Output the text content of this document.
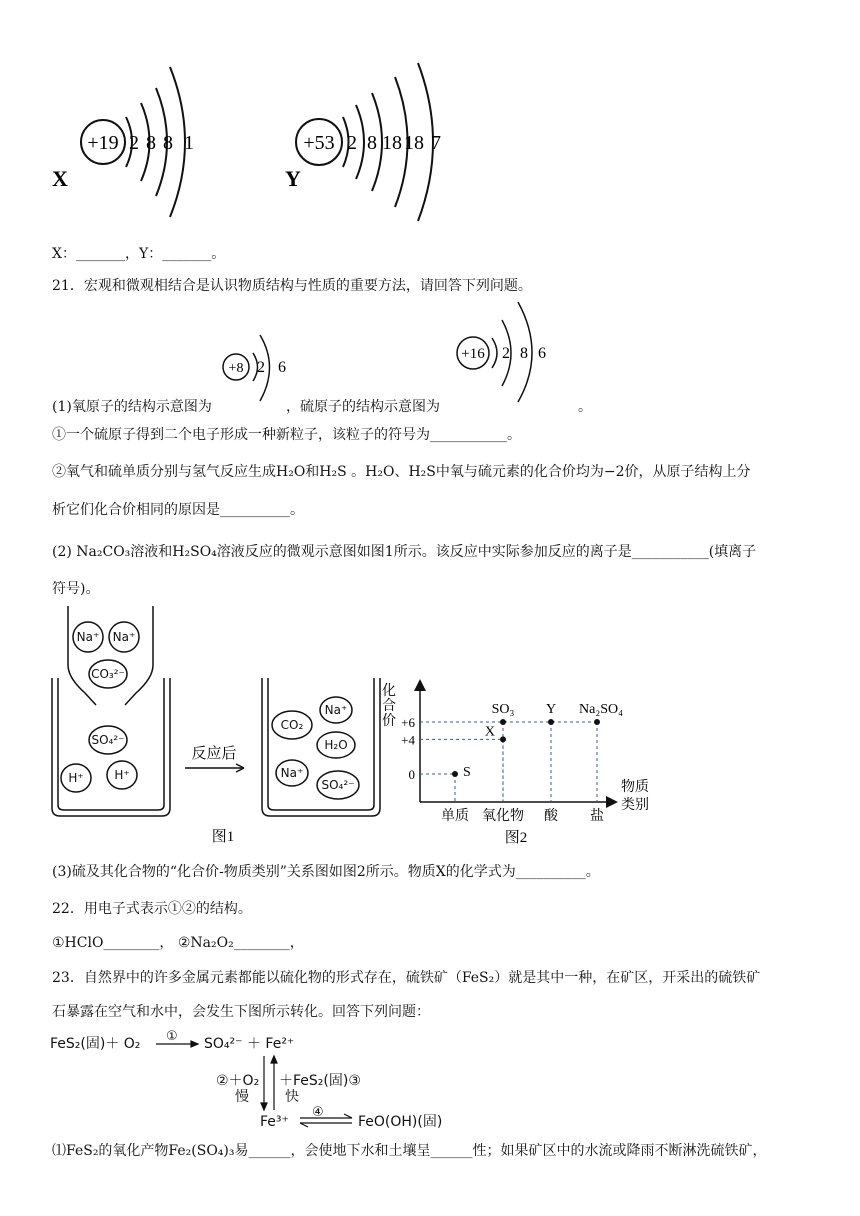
+19 2 8 8 1
X
+53 2 8 18 18 7
Y
X：_______，Y：_______。
21．宏观和微观相结合是认识物质结构与性质的重要方法，请回答下列问题。
+8 2 6
+16 2 8 6
(1)氧原子的结构示意图为	，硫原子的结构示意图为	。
①一个硫原子得到二个电子形成一种新粒子，该粒子的符号为___________。
②氧气和硫单质分别与氢气反应生成H₂O和H₂S 。H₂O、H₂S中氧与硫元素的化合价均为−2价，从原子结构上分
析它们化合价相同的原因是__________。
(2) Na₂CO₃溶液和H₂SO₄溶液反应的微观示意图如图1所示。该反应中实际参加反应的离子是___________(填离子
符号)。
Na⁺ Na⁺
CO₃²⁻
SO₄²⁻
H⁺	H⁺
CO₂
Na⁺
H₂O
Na⁺
SO₄²⁻
反应后
图1
化
合
价
物质
类别
+6
+4
0
单质 氧化物 酸 盐
S
X
SO₃ Y Na₂SO₄
图2
(3)硫及其化合物的“化合价-物质类别”关系图如图2所示。物质X的化学式为__________。
22．用电子式表示①②的结构。
①HClO________， ②Na₂O₂________，
23．自然界中的许多金属元素都能以硫化物的形式存在，硫铁矿（FeS₂）就是其中一种，在矿区，开采出的硫铁矿
石暴露在空气和水中，会发生下图所示转化。回答下列问题：
FeS₂(固)＋ O₂ ① SO₄²⁻ ＋ Fe²⁺
②＋O₂
慢
＋FeS₂(固)③
快
Fe³⁺
④
FeO(OH)(固)
⑴FeS₂的氧化产物Fe₂(SO₄)₃易______，会使地下水和土壤呈______性；如果矿区中的水流或降雨不断淋洗硫铁矿，
